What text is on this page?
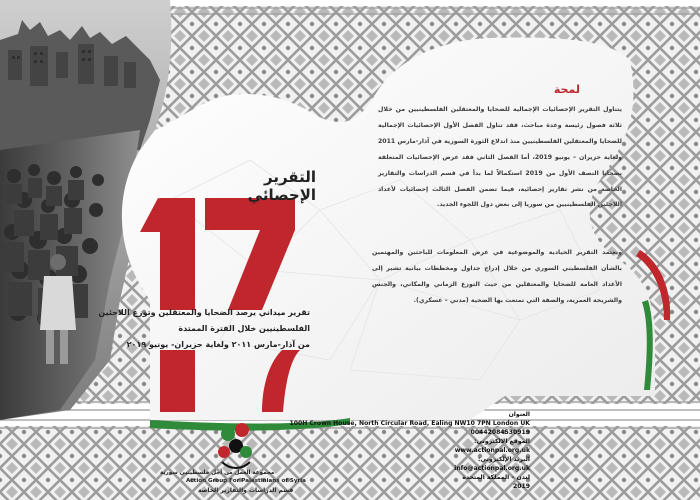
لمحة
يتناول التقرير الإحصائيات الإجمالية للضحايا والمعتقلين الفلسطينيين من خلال ثلاثة فصول رئيسة وعدة مباحث، فقد تناول الفصل الأول الإحصائيات الإجمالية للضحايا والمعتقلين الفلسطينيين منذ اندلاع الثورة السورية في آذار-مارس 2011 ولغاية حزيران – يونيو 2019، أما الفصل الثاني فقد عرض الإحصائيات المتعلقة بضحايا النصف الأول من 2019 استكمالاً لما بدأ في قسم الدراسات والتقارير الخاصة من نشر تقارير إحصائية، فيما تضمن الفصل الثالث إحصائيات لأعداد اللاجئين الفلسطينيين من سوريا إلى بعض دول اللجوء الجديد.
ويعتمد التقرير الحيادية والموضوعية في عرض المعلومات للباحثين والمهتمين بالشأن الفلسطيني السوري من خلال إدراج جداول ومخططات بيانية تشير إلى الأعداد العامة للضحايا والمعتقلين من حيث التوزع الزماني والمكاني، والجنس والشريحة العمرية، والصفة التي تمتعت بها الضحية (مدني – عسكري).
التقرير الإحصائي
تقرير ميداني يرصد الضحايا والمعتقلين وتوزع اللاجئين
الفلسطينيين خلال الفترة الممتدة
من آذار-مارس ٢٠١١ ولغاية حزيران- يونيو ٢٠١٩
العنوان
100H Crown House, North Circular Road, Ealing NW10 7PN London UK
00442084530919
الموقع الالكتروني:
www.actionpal.org.uk
البريد الإلكتروني:
info@actionpal.org.uk
لندن – المملكة المتحدة
2019
مجموعة العمل من أجل فلسطينيي سورية
Action Group For Palestinians of Syria
قسم الدراسات والتقارير الخاصة
